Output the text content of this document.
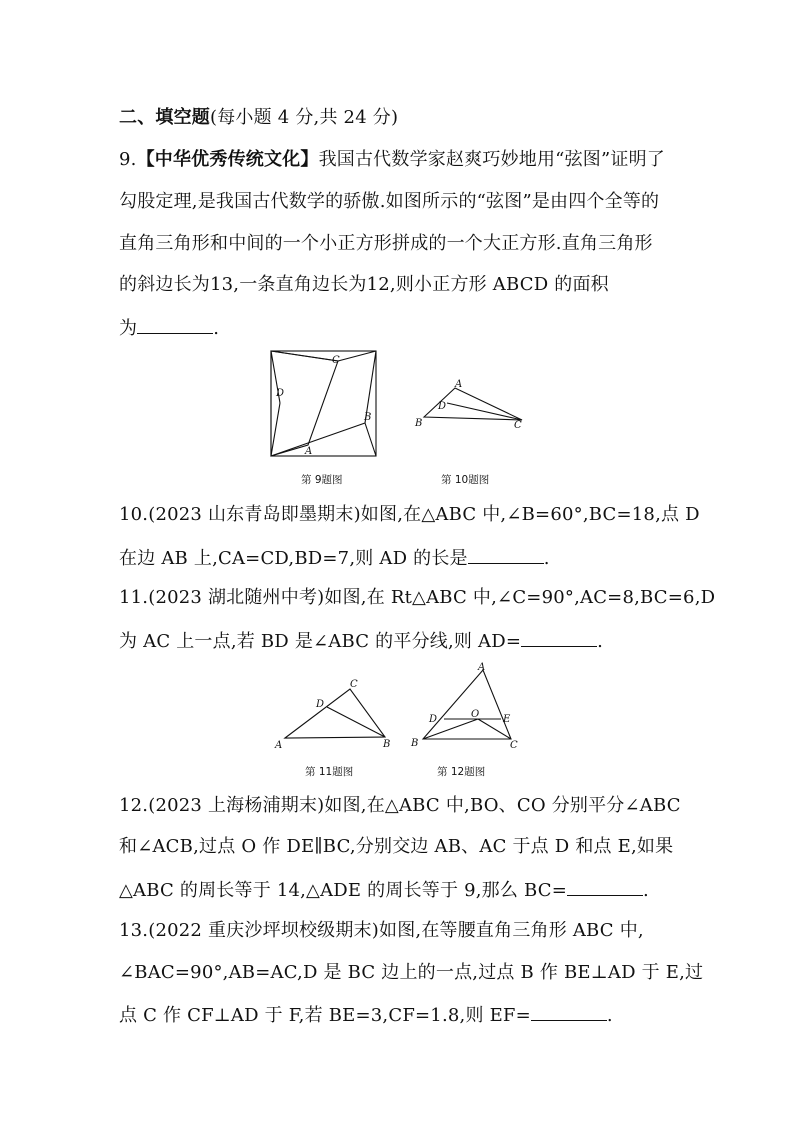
二、填空题(每小题 4 分,共 24 分)
9.【中华优秀传统文化】我国古代数学家赵爽巧妙地用“弦图”证明了
勾股定理,是我国古代数学的骄傲.如图所示的“弦图”是由四个全等的
直角三角形和中间的一个小正方形拼成的一个大正方形.直角三角形
的斜边长为13,一条直角边长为12,则小正方形 ABCD 的面积
为	.
C
D
B
A
第 9题图
A
D
B	C
第 10题图
10.(2023 山东青岛即墨期末)如图,在△ABC 中,∠B=60°,BC=18,点 D
在边 AB 上,CA=CD,BD=7,则 AD 的长是	.
11.(2023 湖北随州中考)如图,在 Rt△ABC 中,∠C=90°,AC=8,BC=6,D
为 AC 上一点,若 BD 是∠ABC 的平分线,则 AD=	.
C
D
A	B
第 11题图
A
D	O E
B	C
第 12题图
12.(2023 上海杨浦期末)如图,在△ABC 中,BO、CO 分别平分∠ABC
和∠ACB,过点 O 作 DE∥BC,分别交边 AB、AC 于点 D 和点 E,如果
△ABC 的周长等于 14,△ADE 的周长等于 9,那么 BC=	.
13.(2022 重庆沙坪坝校级期末)如图,在等腰直角三角形 ABC 中,
∠BAC=90°,AB=AC,D 是 BC 边上的一点,过点 B 作 BE⊥AD 于 E,过
点 C 作 CF⊥AD 于 F,若 BE=3,CF=1.8,则 EF=	.
